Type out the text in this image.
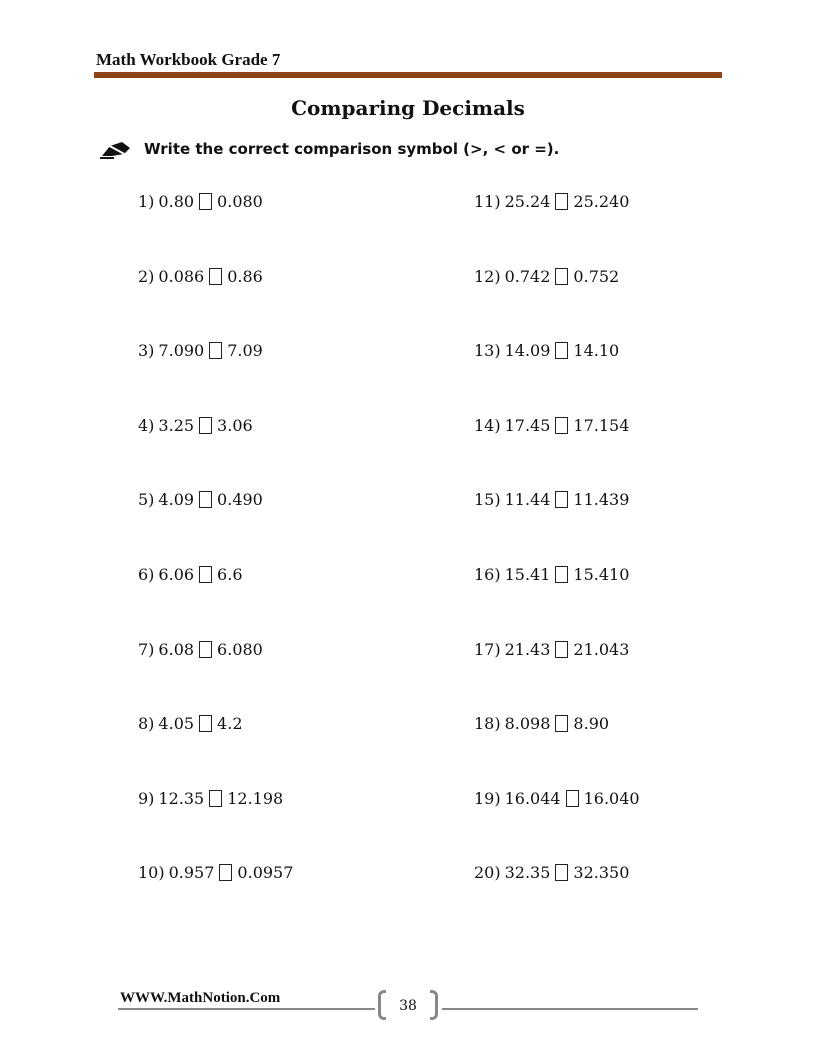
Math Workbook Grade 7
Comparing Decimals
Write the correct comparison symbol (>, < or =).
1) 0.80 0.080
2) 0.086 0.86
3) 7.090 7.09
4) 3.25 3.06
5) 4.09 0.490
6) 6.06 6.6
7) 6.08 6.080
8) 4.05 4.2
9) 12.35 12.198
10) 0.957 0.0957
11) 25.24 25.240
12) 0.742 0.752
13) 14.09 14.10
14) 17.45 17.154
15) 11.44 11.439
16) 15.41 15.410
17) 21.43 21.043
18) 8.098 8.90
19) 16.044 16.040
20) 32.35 32.350
WWW.MathNotion.Com	38
